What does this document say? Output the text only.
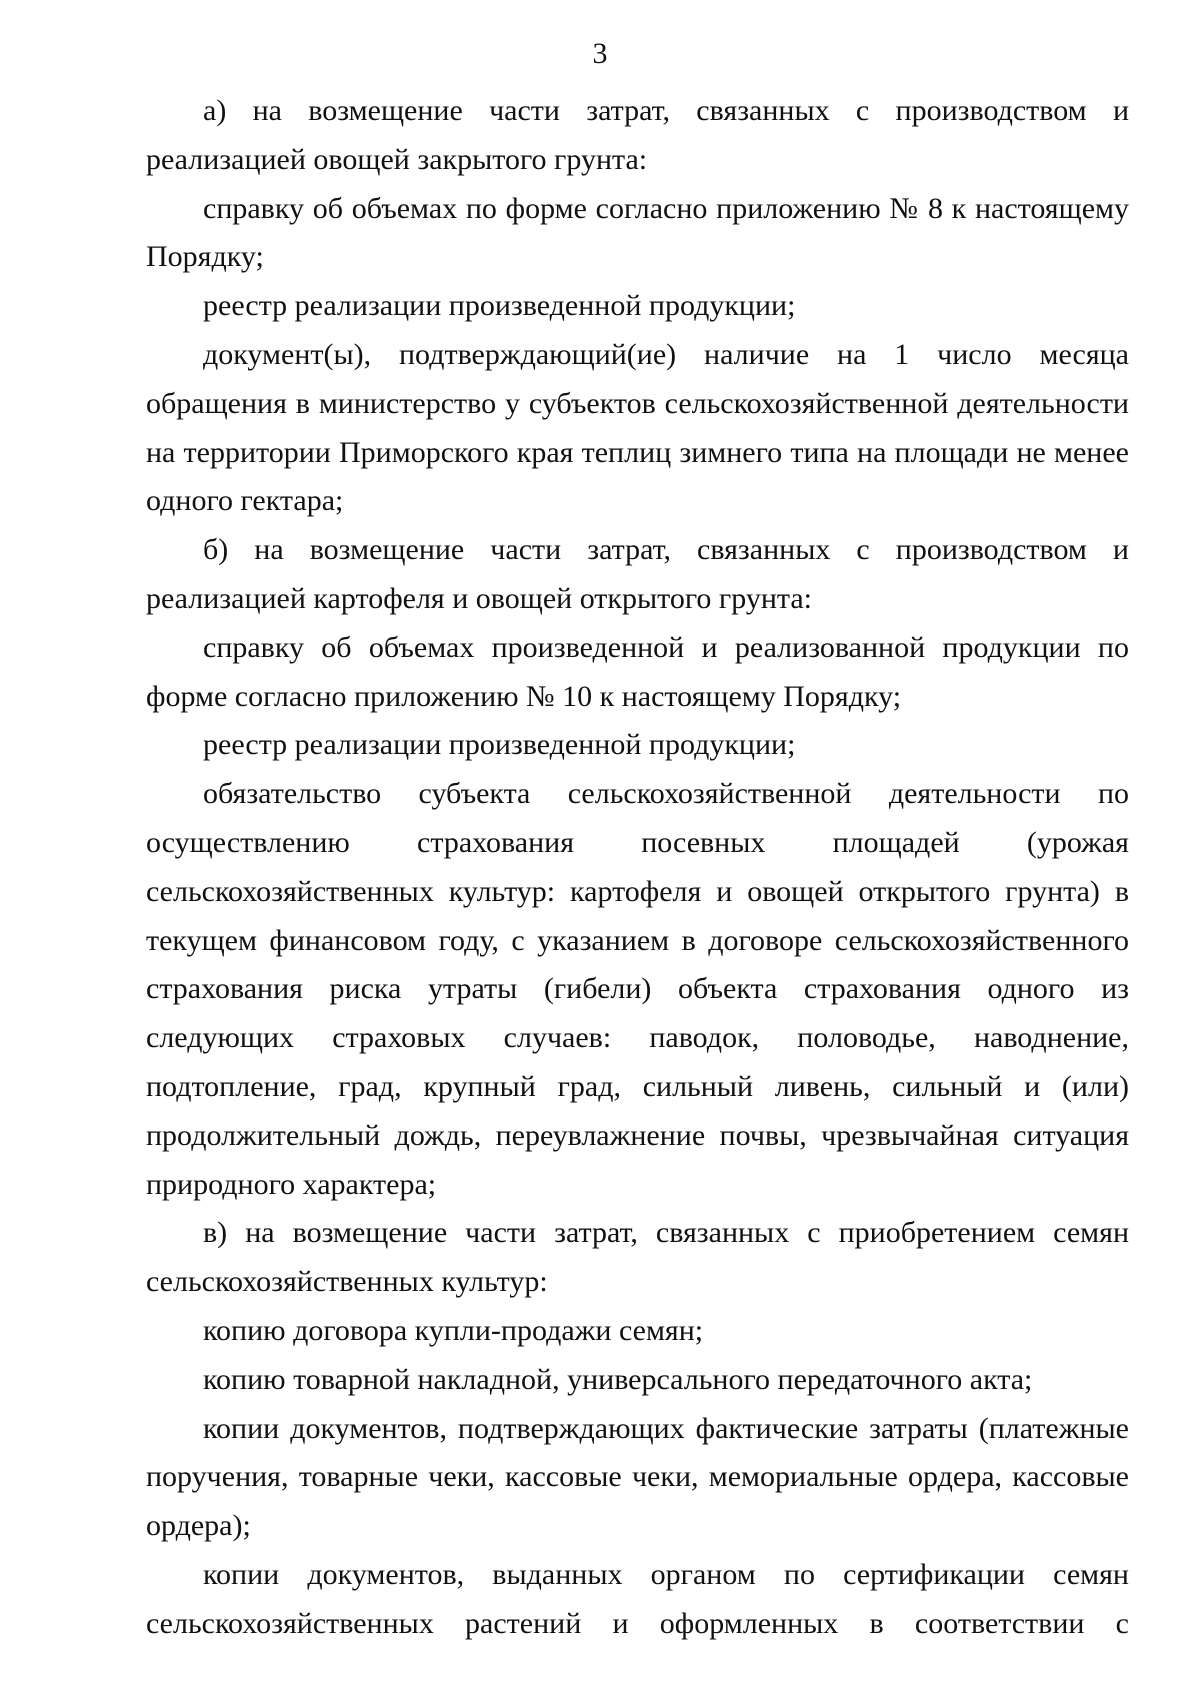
3

а) на возмещение части затрат, связанных с производством и реализацией овощей закрытого грунта:

справку об объемах по форме согласно приложению № 8 к настоящему Порядку;

реестр реализации произведенной продукции;

документ(ы), подтверждающий(ие) наличие на 1 число месяца обращения в министерство у субъектов сельскохозяйственной деятельности на территории Приморского края теплиц зимнего типа на площади не менее одного гектара;

б) на возмещение части затрат, связанных с производством и реализацией картофеля и овощей открытого грунта:

справку об объемах произведенной и реализованной продукции по форме согласно приложению № 10 к настоящему Порядку;

реестр реализации произведенной продукции;

обязательство субъекта сельскохозяйственной деятельности по осуществлению страхования посевных площадей (урожая сельскохозяйственных культур: картофеля и овощей открытого грунта) в текущем финансовом году, с указанием в договоре сельскохозяйственного страхования риска утраты (гибели) объекта страхования одного из следующих страховых случаев: паводок, половодье, наводнение, подтопление, град, крупный град, сильный ливень, сильный и (или) продолжительный дождь, переувлажнение почвы, чрезвычайная ситуация природного характера;

в) на возмещение части затрат, связанных с приобретением семян сельскохозяйственных культур:

копию договора купли-продажи семян;

копию товарной накладной, универсального передаточного акта;

копии документов, подтверждающих фактические затраты (платежные поручения, товарные чеки, кассовые чеки, мемориальные ордера, кассовые ордера);

копии документов, выданных органом по сертификации семян сельскохозяйственных растений и оформленных в соответствии с
